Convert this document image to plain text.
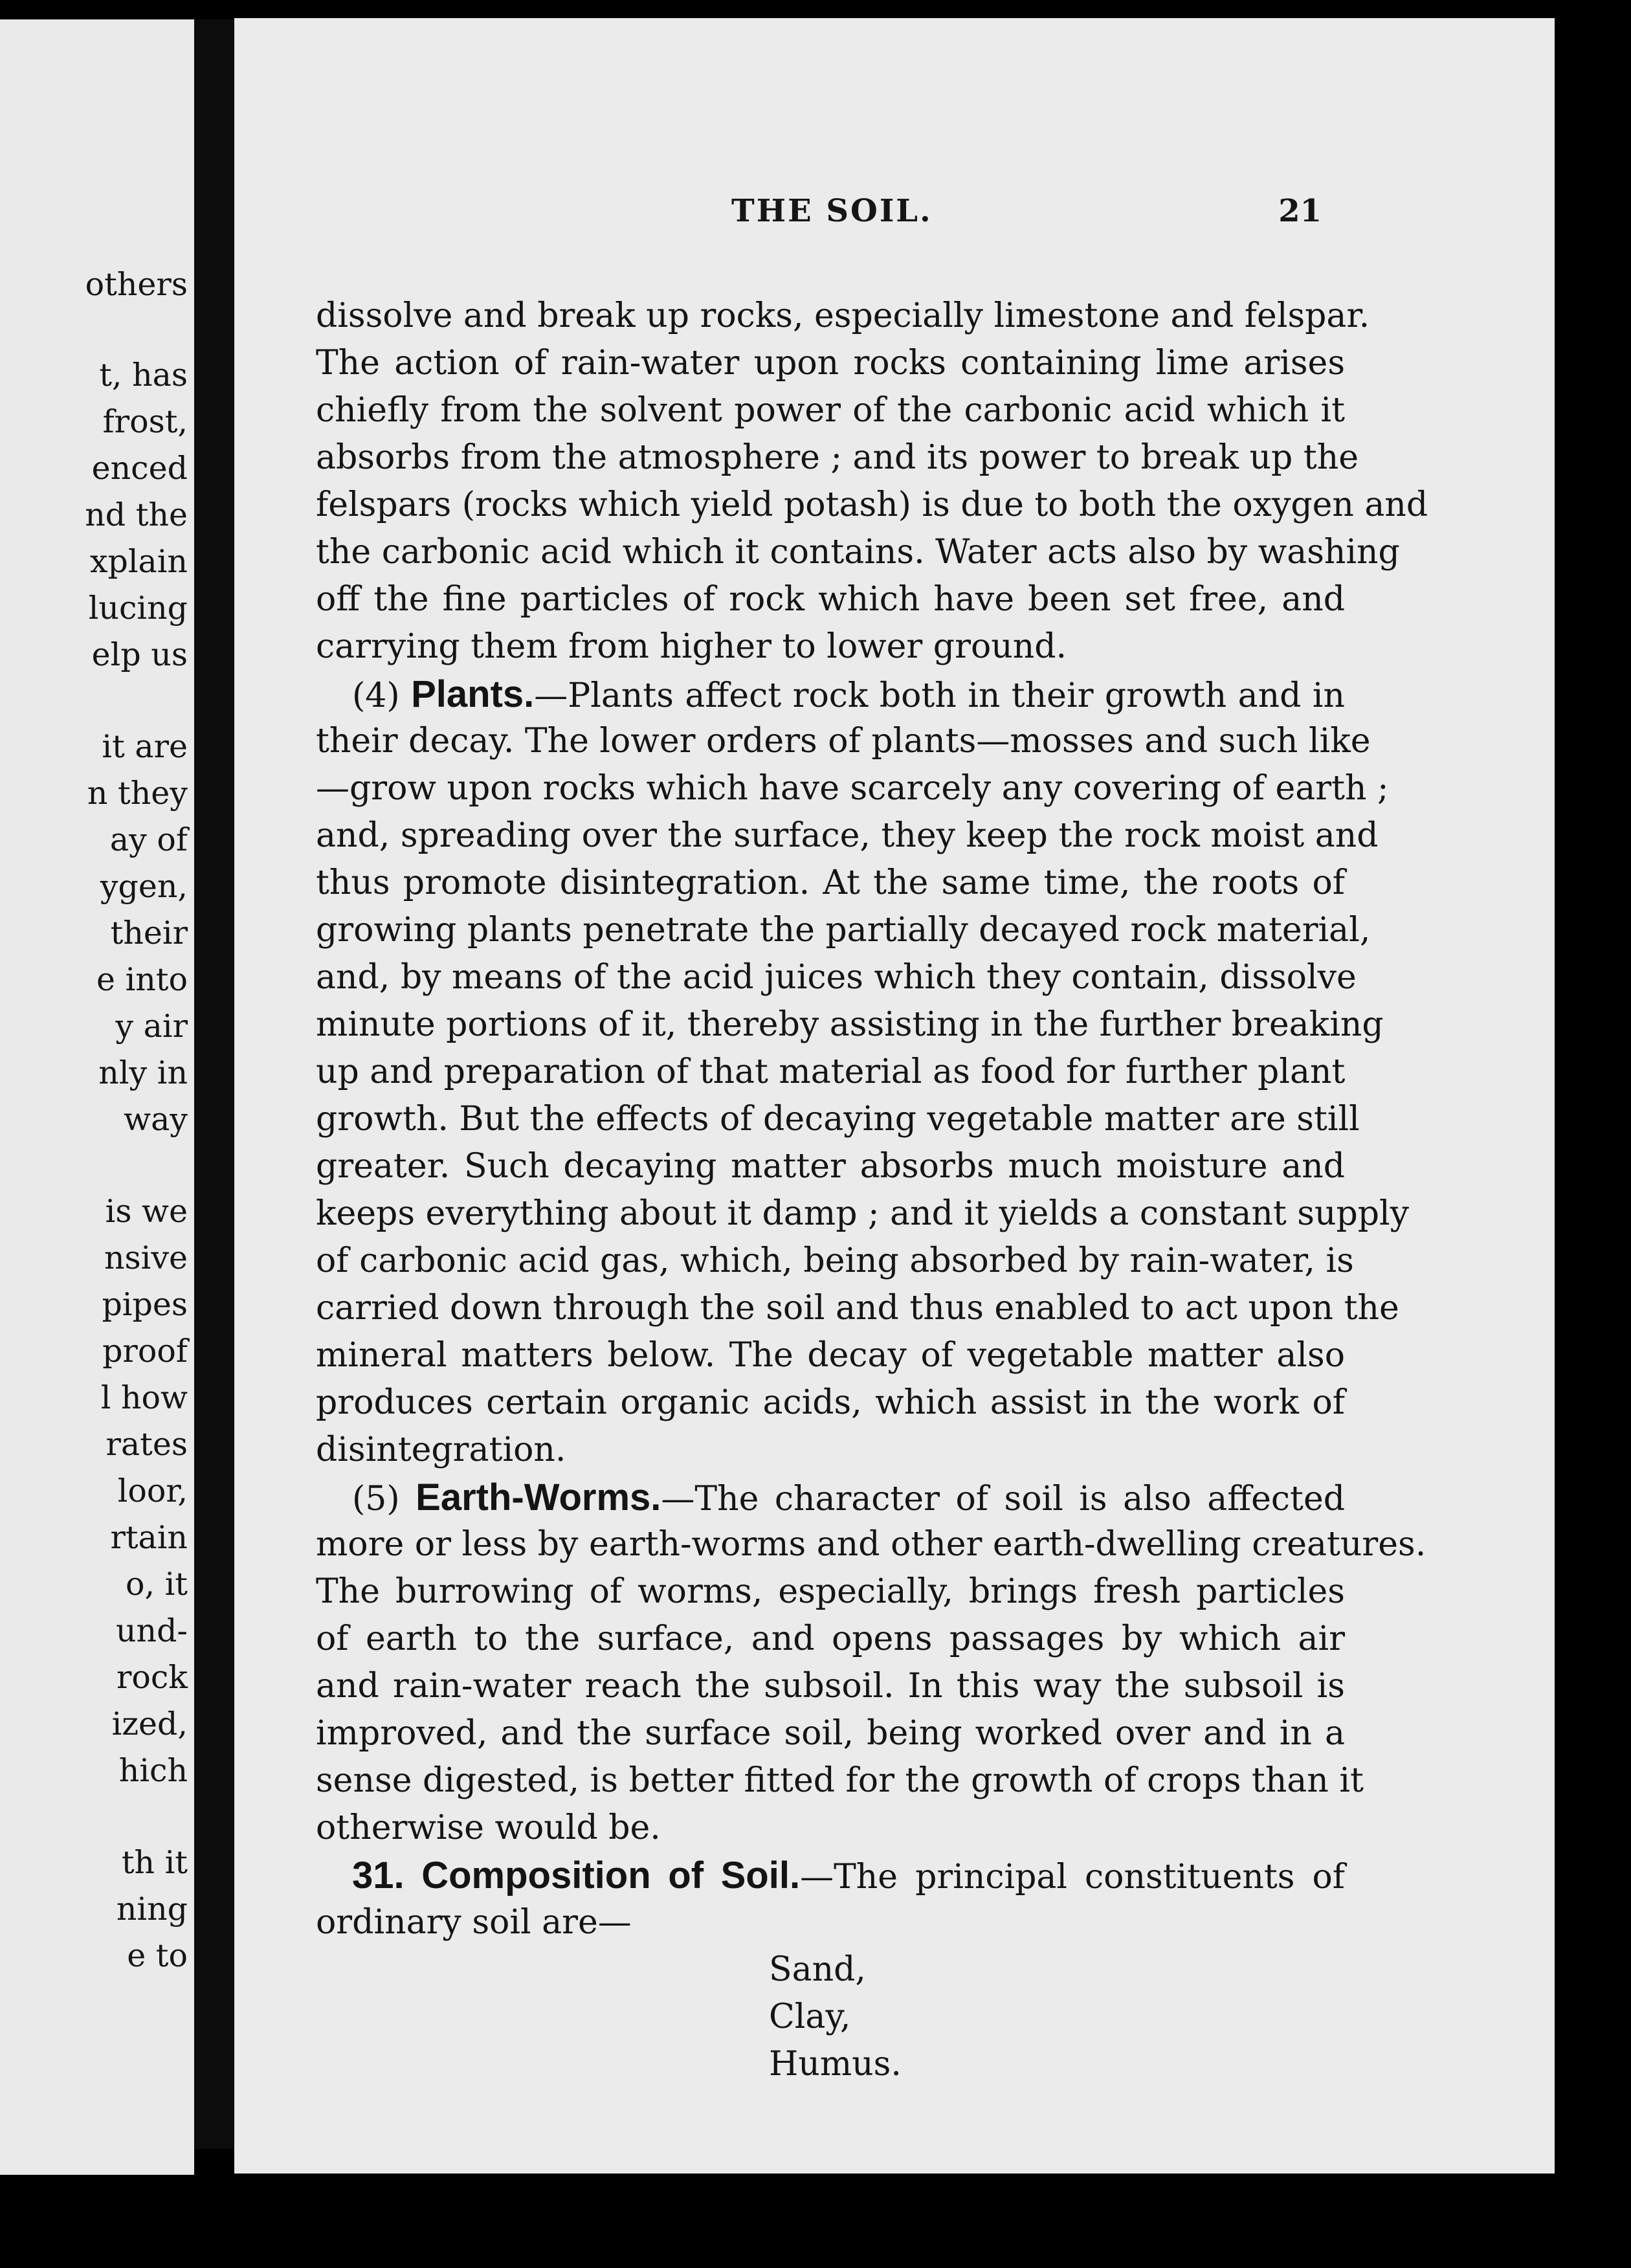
others
t, has
frost,
enced
nd the
xplain
lucing
elp us
it are
n they
ay of
ygen,
their
e into
y air
nly in
way
is we
nsive
pipes
proof
l how
rates
loor,
rtain
o, it
und-
rock
ized,
hich
th it
ning
e to
THE SOIL.	21
dissolve and break up rocks, especially limestone and felspar.
The action of rain-water upon rocks containing lime arises
chiefly from the solvent power of the carbonic acid which it
absorbs from the atmosphere ; and its power to break up the
felspars (rocks which yield potash) is due to both the oxygen and
the carbonic acid which it contains. Water acts also by washing
off the fine particles of rock which have been set free, and
carrying them from higher to lower ground.
(4) Plants.—Plants affect rock both in their growth and in
their decay. The lower orders of plants—mosses and such like
—grow upon rocks which have scarcely any covering of earth ;
and, spreading over the surface, they keep the rock moist and
thus promote disintegration. At the same time, the roots of
growing plants penetrate the partially decayed rock material,
and, by means of the acid juices which they contain, dissolve
minute portions of it, thereby assisting in the further breaking
up and preparation of that material as food for further plant
growth. But the effects of decaying vegetable matter are still
greater. Such decaying matter absorbs much moisture and
keeps everything about it damp ; and it yields a constant supply
of carbonic acid gas, which, being absorbed by rain-water, is
carried down through the soil and thus enabled to act upon the
mineral matters below. The decay of vegetable matter also
produces certain organic acids, which assist in the work of
disintegration.
(5) Earth-Worms.—The character of soil is also affected
more or less by earth-worms and other earth-dwelling creatures.
The burrowing of worms, especially, brings fresh particles
of earth to the surface, and opens passages by which air
and rain-water reach the subsoil. In this way the subsoil is
improved, and the surface soil, being worked over and in a
sense digested, is better fitted for the growth of crops than it
otherwise would be.
31. Composition of Soil.—The principal constituents of
ordinary soil are—
Sand,
Clay,
Humus.
